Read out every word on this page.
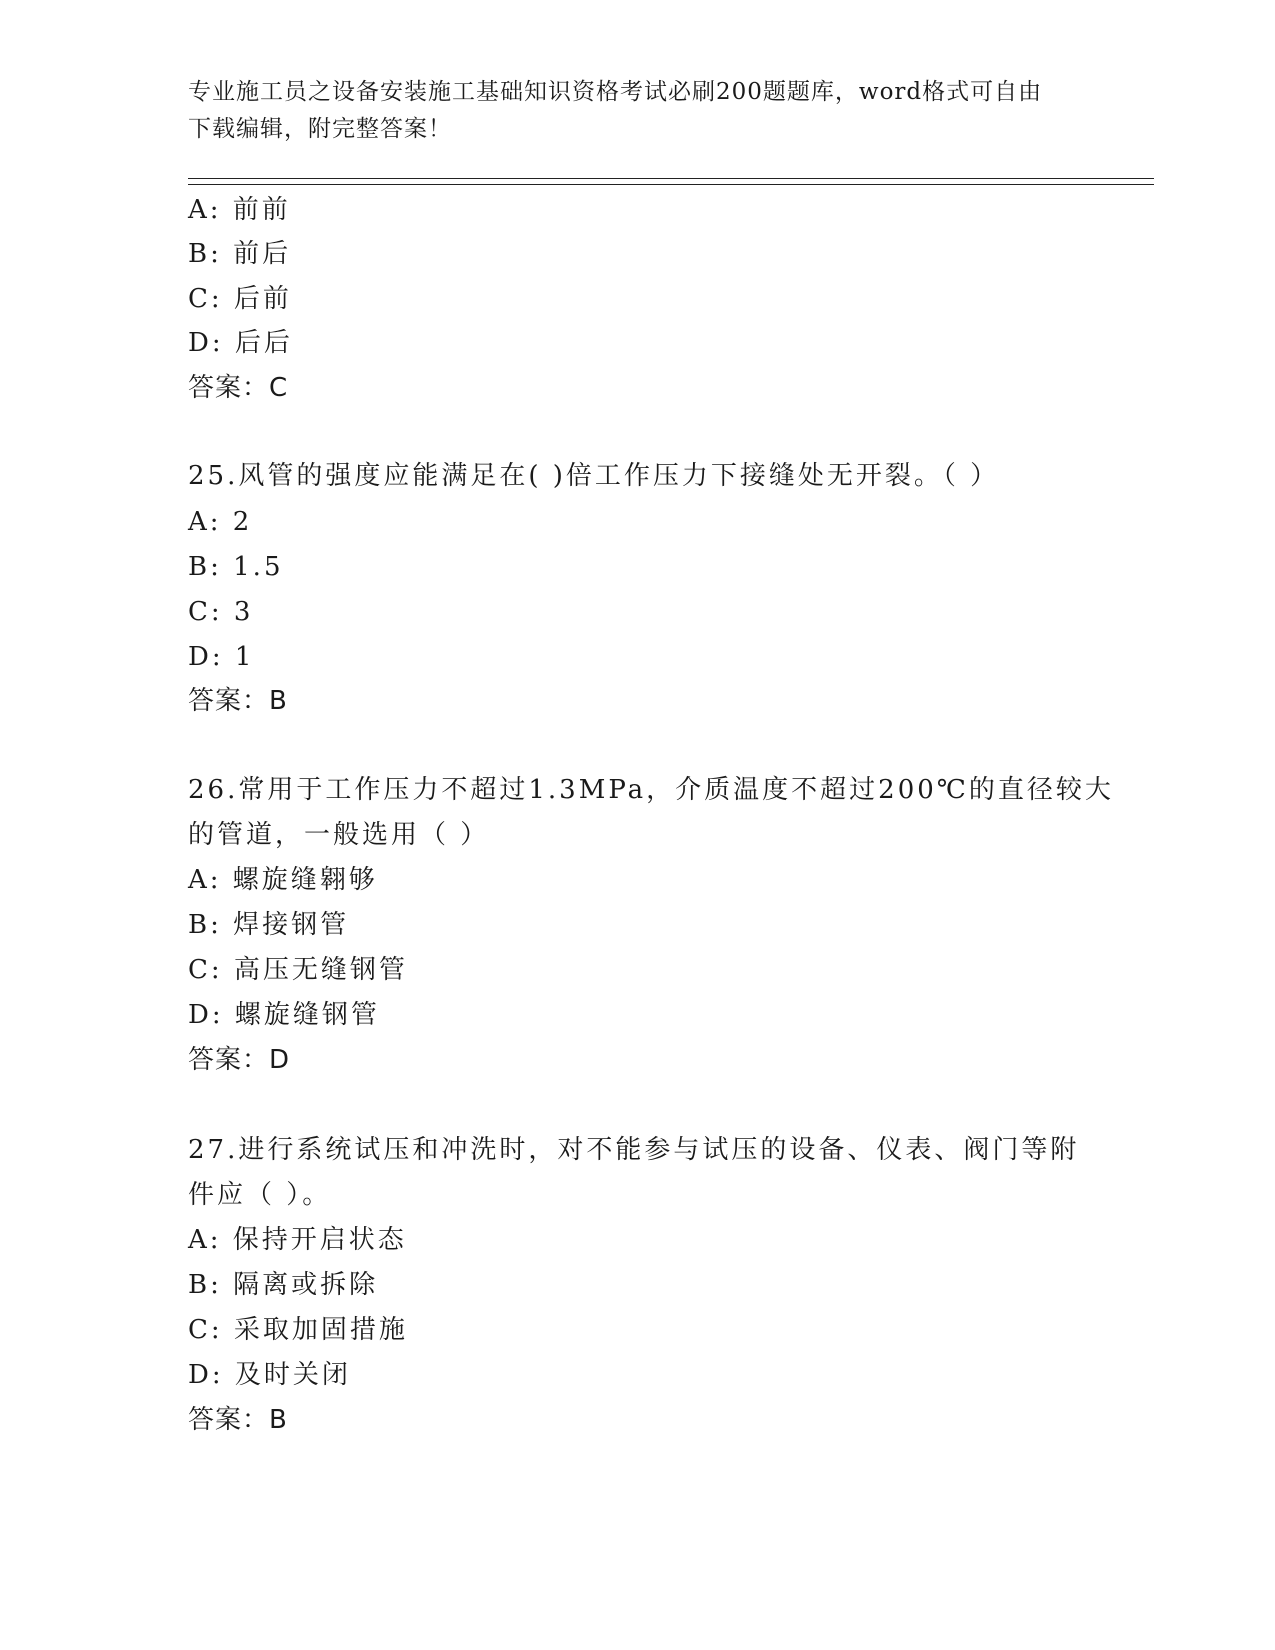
专业施工员之设备安装施工基础知识资格考试必刷200题题库，word格式可自由
下载编辑，附完整答案！
A: 前前
B: 前后
C: 后前
D: 后后
答案：C
25.风管的强度应能满足在( )倍工作压力下接缝处无开裂。（ ）
A: 2
B: 1.5
C: 3
D: 1
答案：B
26.常用于工作压力不超过1.3MPa，介质温度不超过200℃的直径较大
的管道，一般选用（ ）
A: 螺旋缝翱够
B: 焊接钢管
C: 高压无缝钢管
D: 螺旋缝钢管
答案：D
27.进行系统试压和冲洗时，对不能参与试压的设备、仪表、阀门等附
件应（ ）。
A: 保持开启状态
B: 隔离或拆除
C: 采取加固措施
D: 及时关闭
答案：B
